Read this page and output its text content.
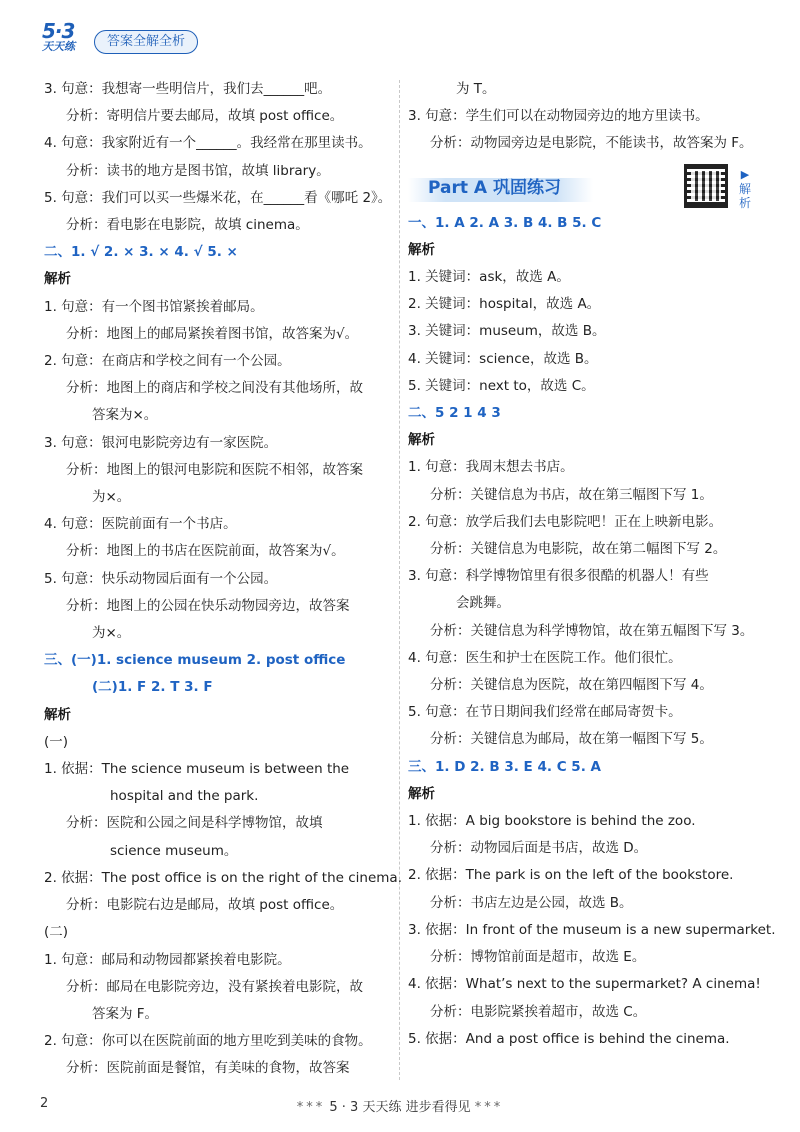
5·3
天天练	答案全解全析
3. 句意：我想寄一些明信片，我们去______吧。
分析：寄明信片要去邮局，故填 post office。
4. 句意：我家附近有一个______。我经常在那里读书。
分析：读书的地方是图书馆，故填 library。
5. 句意：我们可以买一些爆米花，在______看《哪吒 2》。
分析：看电影在电影院，故填 cinema。
二、1. √ 2. × 3. × 4. √ 5. ×
解析
1. 句意：有一个图书馆紧挨着邮局。
分析：地图上的邮局紧挨着图书馆，故答案为√。
2. 句意：在商店和学校之间有一个公园。
分析：地图上的商店和学校之间没有其他场所，故
答案为×。
3. 句意：银河电影院旁边有一家医院。
分析：地图上的银河电影院和医院不相邻，故答案
为×。
4. 句意：医院前面有一个书店。
分析：地图上的书店在医院前面，故答案为√。
5. 句意：快乐动物园后面有一个公园。
分析：地图上的公园在快乐动物园旁边，故答案
为×。
三、(一)1. science museum 2. post office
(二)1. F 2. T 3. F
解析
(一)
1. 依据：The science museum is between the
hospital and the park.
分析：医院和公园之间是科学博物馆，故填
science museum。
2. 依据：The post office is on the right of the cinema.
分析：电影院右边是邮局，故填 post office。
(二)
1. 句意：邮局和动物园都紧挨着电影院。
分析：邮局在电影院旁边，没有紧挨着电影院，故
答案为 F。
2. 句意：你可以在医院前面的地方里吃到美味的食物。
分析：医院前面是餐馆，有美味的食物，故答案
为 T。
3. 句意：学生们可以在动物园旁边的地方里读书。
分析：动物园旁边是电影院，不能读书，故答案为 F。
Part A 巩固练习
▶
解析
一、1. A 2. A 3. B 4. B 5. C
解析
1. 关键词：ask，故选 A。
2. 关键词：hospital，故选 A。
3. 关键词：museum，故选 B。
4. 关键词：science，故选 B。
5. 关键词：next to，故选 C。
二、5 2 1 4 3
解析
1. 句意：我周末想去书店。
分析：关键信息为书店，故在第三幅图下写 1。
2. 句意：放学后我们去电影院吧！正在上映新电影。
分析：关键信息为电影院，故在第二幅图下写 2。
3. 句意：科学博物馆里有很多很酷的机器人！有些
会跳舞。
分析：关键信息为科学博物馆，故在第五幅图下写 3。
4. 句意：医生和护士在医院工作。他们很忙。
分析：关键信息为医院，故在第四幅图下写 4。
5. 句意：在节日期间我们经常在邮局寄贺卡。
分析：关键信息为邮局，故在第一幅图下写 5。
三、1. D 2. B 3. E 4. C 5. A
解析
1. 依据：A big bookstore is behind the zoo.
分析：动物园后面是书店，故选 D。
2. 依据：The park is on the left of the bookstore.
分析：书店左边是公园，故选 B。
3. 依据：In front of the museum is a new supermarket.
分析：博物馆前面是超市，故选 E。
4. 依据：What’s next to the supermarket? A cinema!
分析：电影院紧挨着超市，故选 C。
5. 依据：And a post office is behind the cinema.
2	*** 5 · 3 天天练 进步看得见 ***
